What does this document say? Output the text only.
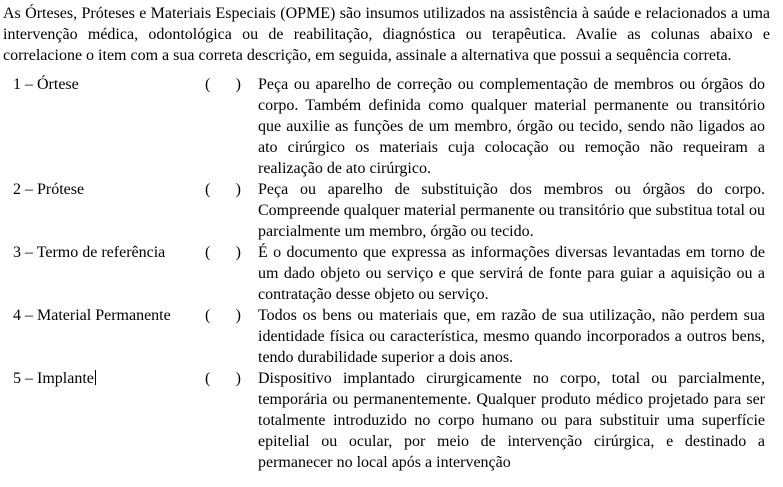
As Órteses, Próteses e Materiais Especiais (OPME) são insumos utilizados na assistência à saúde e relacionados a uma intervenção médica, odontológica ou de reabilitação, diagnóstica ou terapêutica. Avalie as colunas abaixo e correlacione o item com a sua correta descrição, em seguida, assinale a alternativa que possui a sequência correta.

1 – Órtese	( ) Peça ou aparelho de correção ou complementação de membros ou órgãos do corpo. Também definida como qualquer material permanente ou transitório que auxilie as funções de um membro, órgão ou tecido, sendo não ligados ao ato cirúrgico os materiais cuja colocação ou remoção não requeiram a realização de ato cirúrgico.
2 – Prótese	( ) Peça ou aparelho de substituição dos membros ou órgãos do corpo. Compreende qualquer material permanente ou transitório que substitua total ou parcialmente um membro, órgão ou tecido.
3 – Termo de referência	( ) É o documento que expressa as informações diversas levantadas em torno de um dado objeto ou serviço e que servirá de fonte para guiar a aquisição ou a contratação desse objeto ou serviço.
4 – Material Permanente	( ) Todos os bens ou materiais que, em razão de sua utilização, não perdem sua identidade física ou característica, mesmo quando incorporados a outros bens, tendo durabilidade superior a dois anos.
5 – Implante	( ) Dispositivo implantado cirurgicamente no corpo, total ou parcialmente, temporária ou permanentemente. Qualquer produto médico projetado para ser totalmente introduzido no corpo humano ou para substituir uma superfície epitelial ou ocular, por meio de intervenção cirúrgica, e destinado a permanecer no local após a intervenção
